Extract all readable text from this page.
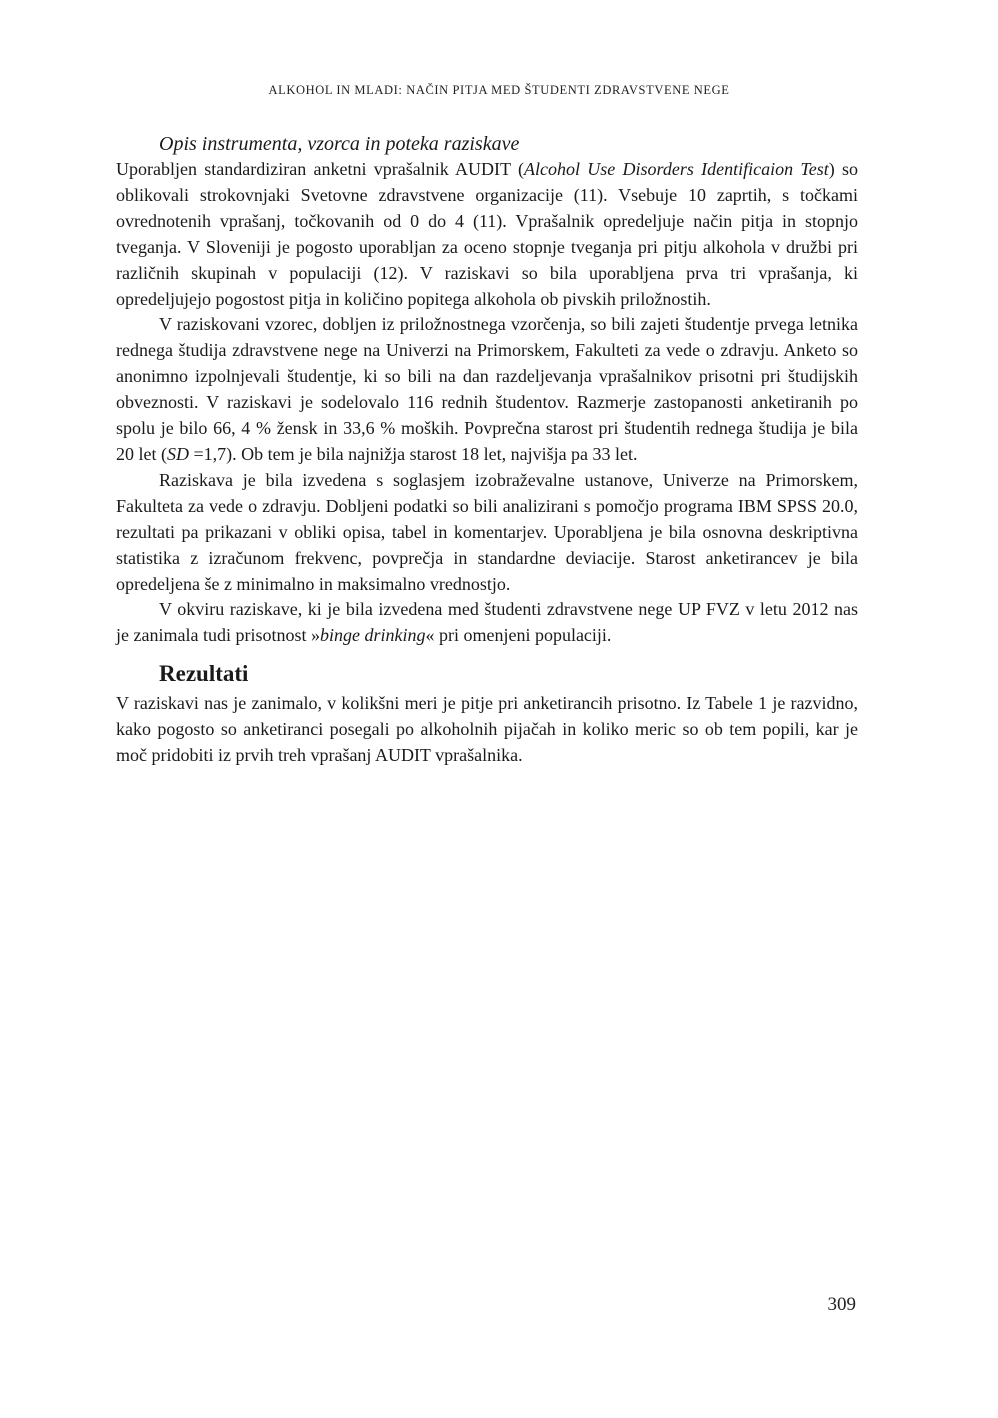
ALKOHOL IN MLADI: NAČIN PITJA MED ŠTUDENTI ZDRAVSTVENE NEGE
Opis instrumenta, vzorca in poteka raziskave

Uporabljen standardiziran anketni vprašalnik AUDIT (Alcohol Use Disorders Identificaion Test) so oblikovali strokovnjaki Svetovne zdravstvene organizacije (11). Vsebuje 10 zaprtih, s točkami ovrednotenih vprašanj, točkovanih od 0 do 4 (11). Vprašalnik opredeljuje način pitja in stopnjo tveganja. V Sloveniji je pogosto uporabljan za oceno stopnje tveganja pri pitju alkohola v družbi pri različnih skupinah v populaciji (12). V raziskavi so bila uporabljena prva tri vprašanja, ki opredeljujejo pogostost pitja in količino popitega alkohola ob pivskih priložnostih.

V raziskovani vzorec, dobljen iz priložnostnega vzorčenja, so bili zajeti študentje prvega letnika rednega študija zdravstvene nege na Univerzi na Primorskem, Fakulteti za vede o zdravju. Anketo so anonimno izpolnjevali študentje, ki so bili na dan razdeljevanja vprašalnikov prisotni pri študijskih obveznosti. V raziskavi je sodelovalo 116 rednih študentov. Razmerje zastopanosti anketiranih po spolu je bilo 66, 4 % žensk in 33,6 % moških. Povprečna starost pri študentih rednega študija je bila 20 let (SD =1,7). Ob tem je bila najnižja starost 18 let, najvišja pa 33 let.

Raziskava je bila izvedena s soglasjem izobraževalne ustanove, Univerze na Primorskem, Fakulteta za vede o zdravju. Dobljeni podatki so bili analizirani s pomočjo programa IBM SPSS 20.0, rezultati pa prikazani v obliki opisa, tabel in komentarjev. Uporabljena je bila osnovna deskriptivna statistika z izračunom frekvenc, povprečja in standardne deviacije. Starost anketirancev je bila opredeljena še z minimalno in maksimalno vrednostjo.

V okviru raziskave, ki je bila izvedena med študenti zdravstvene nege UP FVZ v letu 2012 nas je zanimala tudi prisotnost »binge drinking« pri omenjeni populaciji.

Rezultati

V raziskavi nas je zanimalo, v kolikšni meri je pitje pri anketirancih prisotno. Iz Tabele 1 je razvidno, kako pogosto so anketiranci posegali po alkoholnih pijačah in koliko meric so ob tem popili, kar je moč pridobiti iz prvih treh vprašanj AUDIT vprašalnika.

309
